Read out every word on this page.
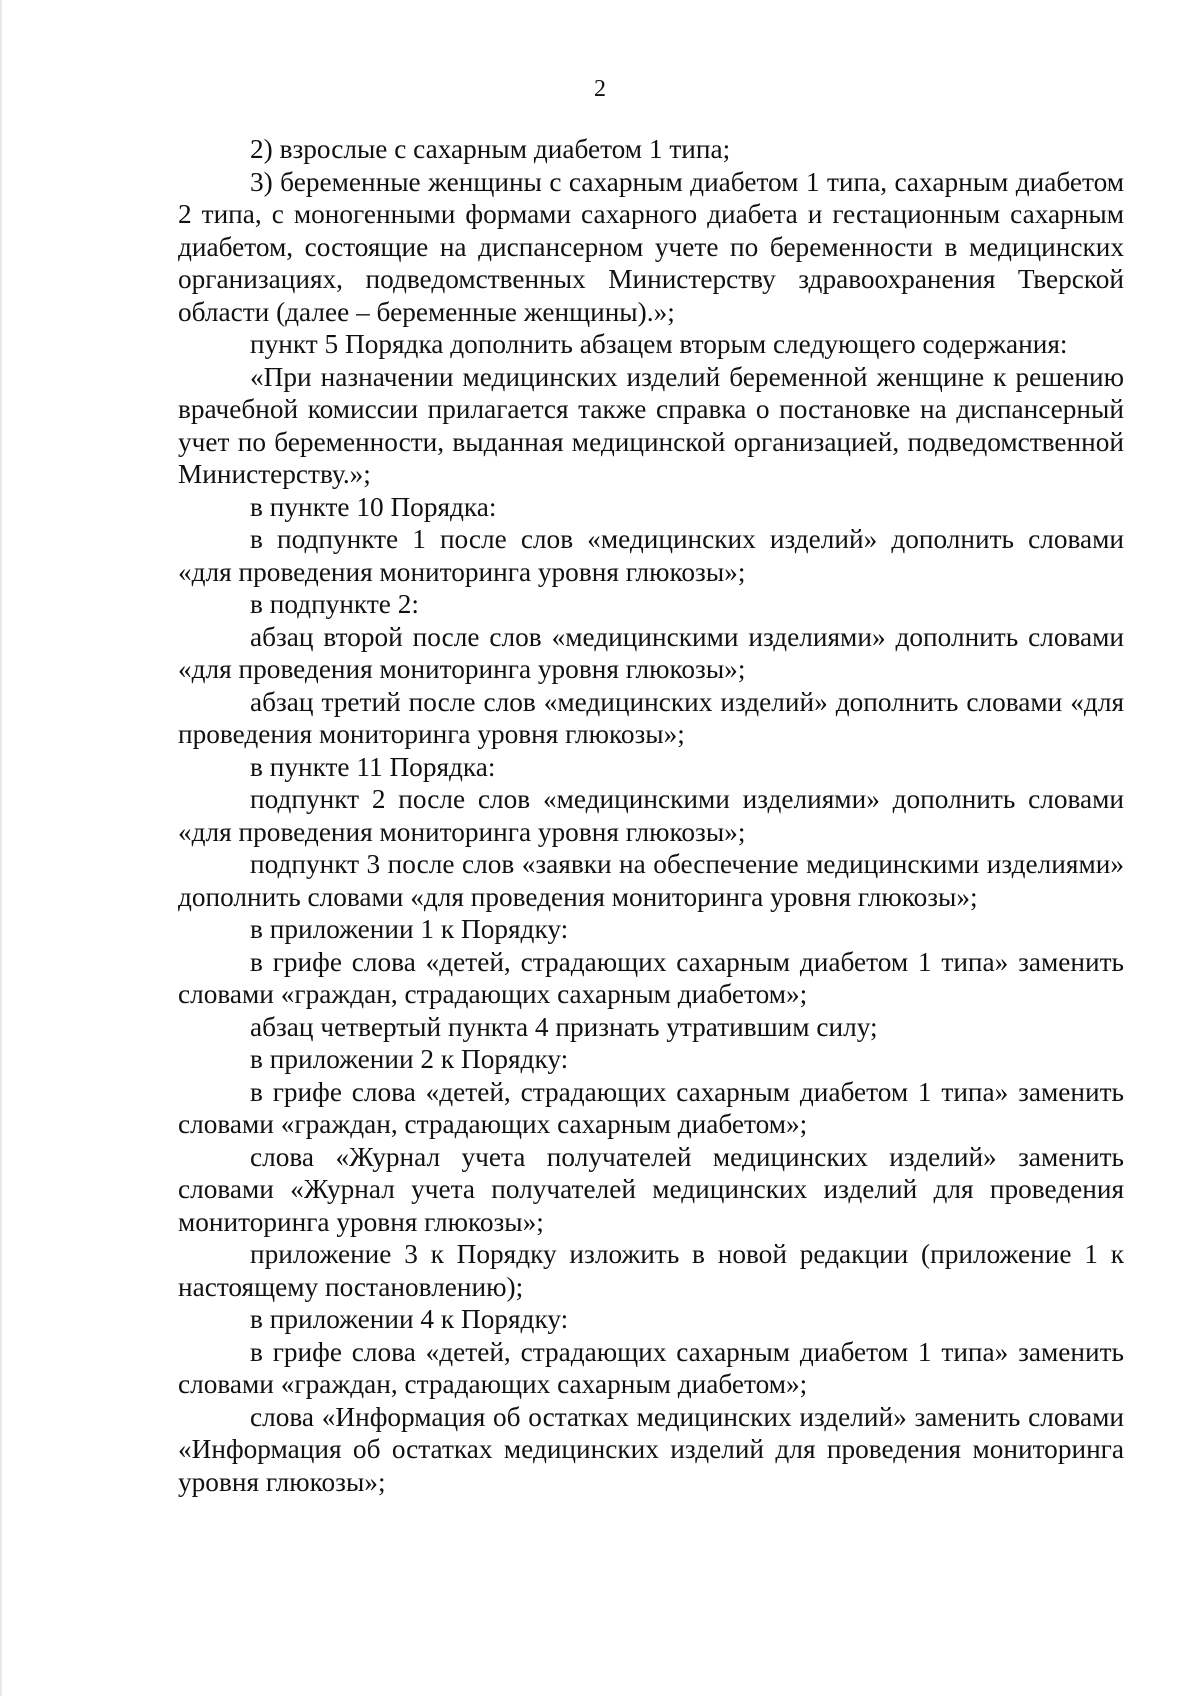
2

2) взрослые с сахарным диабетом 1 типа;

3) беременные женщины с сахарным диабетом 1 типа, сахарным диабетом 2 типа, с моногенными формами сахарного диабета и гестационным сахарным диабетом, состоящие на диспансерном учете по беременности в медицинских организациях, подведомственных Министерству здравоохранения Тверской области (далее – беременные женщины).»;

пункт 5 Порядка дополнить абзацем вторым следующего содержания:

«При назначении медицинских изделий беременной женщине к решению врачебной комиссии прилагается также справка о постановке на диспансерный учет по беременности, выданная медицинской организацией, подведомственной Министерству.»;

в пункте 10 Порядка:

в подпункте 1 после слов «медицинских изделий» дополнить словами «для проведения мониторинга уровня глюкозы»;

в подпункте 2:

абзац второй после слов «медицинскими изделиями» дополнить словами «для проведения мониторинга уровня глюкозы»;

абзац третий после слов «медицинских изделий» дополнить словами «для проведения мониторинга уровня глюкозы»;

в пункте 11 Порядка:

подпункт 2 после слов «медицинскими изделиями» дополнить словами «для проведения мониторинга уровня глюкозы»;

подпункт 3 после слов «заявки на обеспечение медицинскими изделиями» дополнить словами «для проведения мониторинга уровня глюкозы»;

в приложении 1 к Порядку:

в грифе слова «детей, страдающих сахарным диабетом 1 типа» заменить словами «граждан, страдающих сахарным диабетом»;

абзац четвертый пункта 4 признать утратившим силу;

в приложении 2 к Порядку:

в грифе слова «детей, страдающих сахарным диабетом 1 типа» заменить словами «граждан, страдающих сахарным диабетом»;

слова «Журнал учета получателей медицинских изделий» заменить словами «Журнал учета получателей медицинских изделий для проведения мониторинга уровня глюкозы»;

приложение 3 к Порядку изложить в новой редакции (приложение 1 к настоящему постановлению);

в приложении 4 к Порядку:

в грифе слова «детей, страдающих сахарным диабетом 1 типа» заменить словами «граждан, страдающих сахарным диабетом»;

слова «Информация об остатках медицинских изделий» заменить словами «Информация об остатках медицинских изделий для проведения мониторинга уровня глюкозы»;
